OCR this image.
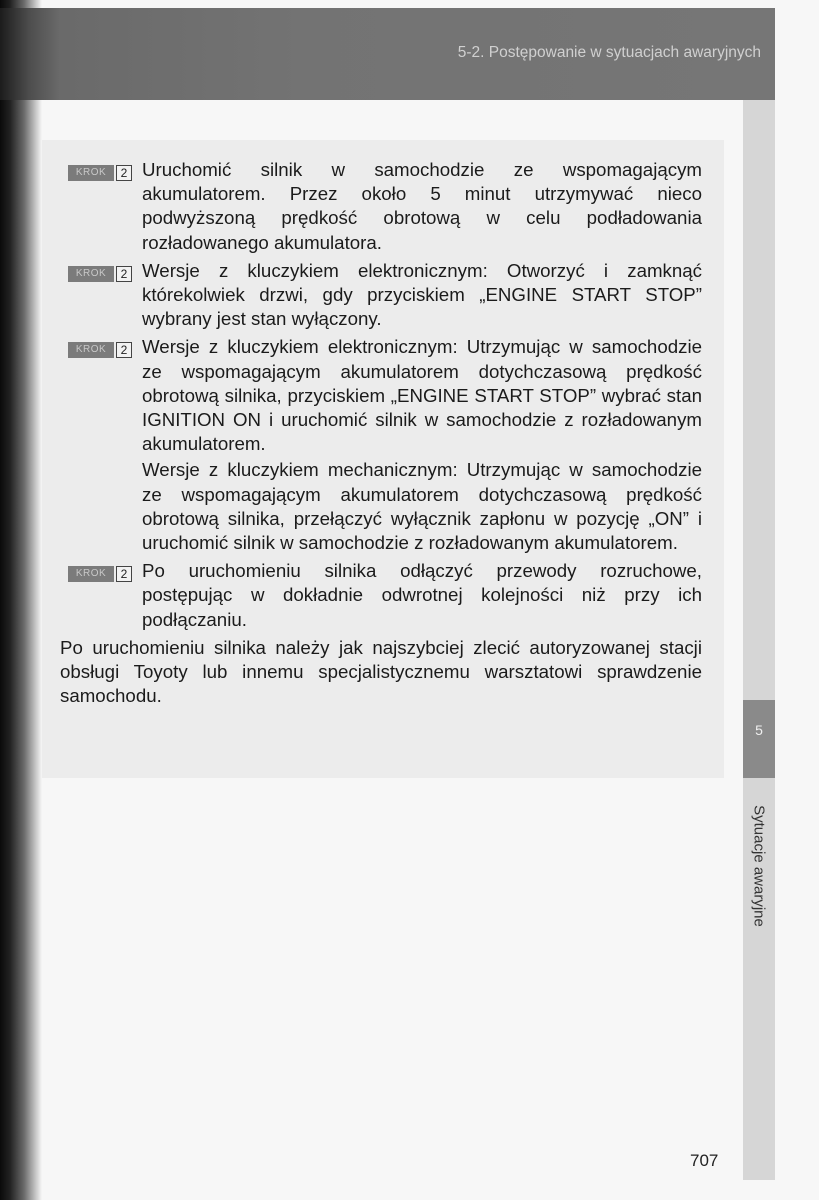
5-2. Postępowanie w sytuacjach awaryjnych
5
Sytuacje awaryjne
KROK	2 Uruchomić silnik w samochodzie ze wspomagającym akumulatorem. Przez około 5 minut utrzymywać nieco podwyższoną prędkość obrotową w celu podładowania rozładowanego akumulatora.

KROK	2 Wersje z kluczykiem elektronicznym: Otworzyć i zamknąć którekolwiek drzwi, gdy przyciskiem „ENGINE START STOP” wybrany jest stan wyłączony.

KROK	2 Wersje z kluczykiem elektronicznym: Utrzymując w samochodzie ze wspomagającym akumulatorem dotychczasową prędkość obrotową silnika, przyciskiem „ENGINE START STOP” wybrać stan IGNITION ON i uruchomić silnik w samochodzie z rozładowanym akumulatorem.

Wersje z kluczykiem mechanicznym: Utrzymując w samochodzie ze wspomagającym akumulatorem dotychczasową prędkość obrotową silnika, przełączyć wyłącznik zapłonu w pozycję „ON” i uruchomić silnik w samochodzie z rozładowanym akumulatorem.

KROK	2 Po uruchomieniu silnika odłączyć przewody rozruchowe, postępując w dokładnie odwrotnej kolejności niż przy ich podłączaniu.

Po uruchomieniu silnika należy jak najszybciej zlecić autoryzowanej stacji obsługi Toyoty lub innemu specjalistycznemu warsztatowi sprawdzenie samochodu.

707
